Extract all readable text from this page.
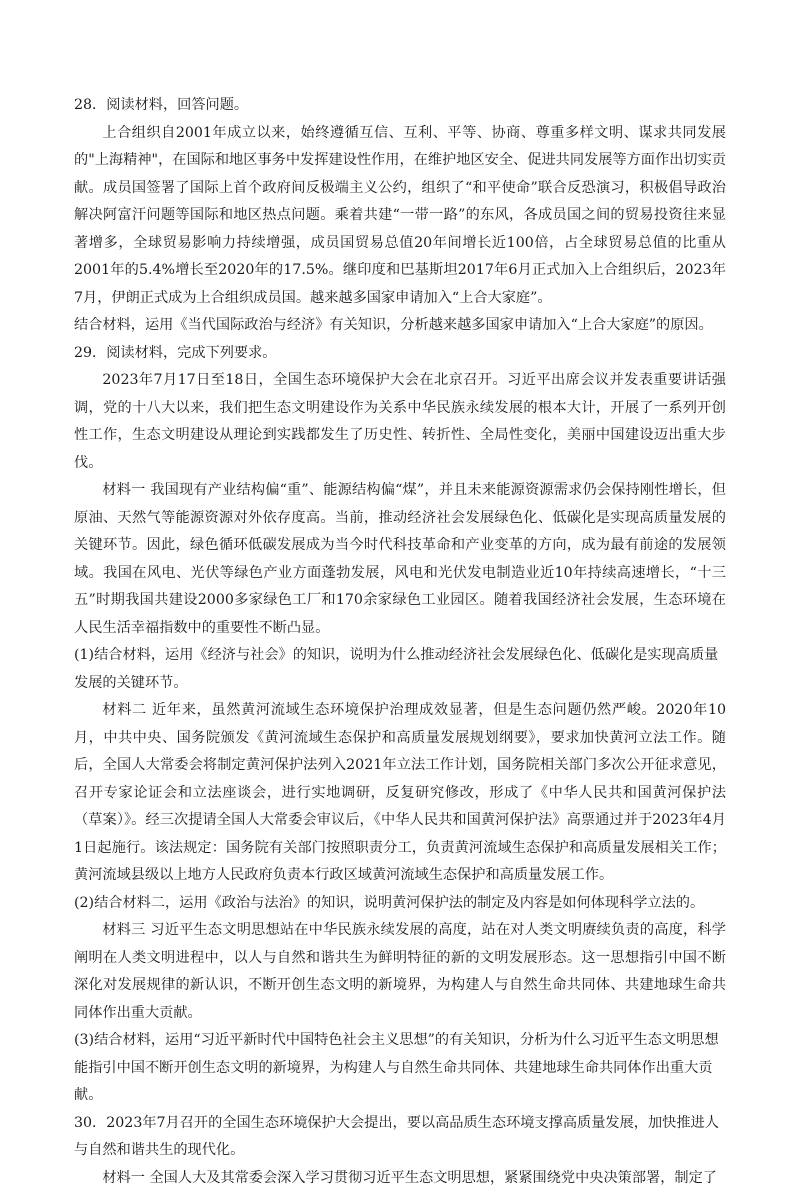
28．阅读材料，回答问题。

上合组织自2001年成立以来，始终遵循互信、互利、平等、协商、尊重多样文明、谋求共同发展的"上海精神"，在国际和地区事务中发挥建设性作用，在维护地区安全、促进共同发展等方面作出切实贡献。成员国签署了国际上首个政府间反极端主义公约，组织了“和平使命”联合反恐演习，积极倡导政治解决阿富汗问题等国际和地区热点问题。乘着共建“一带一路”的东风，各成员国之间的贸易投资往来显著增多，全球贸易影响力持续增强，成员国贸易总值20年间增长近100倍，占全球贸易总值的比重从2001年的5.4%增长至2020年的17.5%。继印度和巴基斯坦2017年6月正式加入上合组织后，2023年7月，伊朗正式成为上合组织成员国。越来越多国家申请加入“上合大家庭”。

结合材料，运用《当代国际政治与经济》有关知识，分析越来越多国家申请加入“上合大家庭”的原因。

29．阅读材料，完成下列要求。

2023年7月17日至18日，全国生态环境保护大会在北京召开。习近平出席会议并发表重要讲话强调，党的十八大以来，我们把生态文明建设作为关系中华民族永续发展的根本大计，开展了一系列开创性工作，生态文明建设从理论到实践都发生了历史性、转折性、全局性变化，美丽中国建设迈出重大步伐。

材料一 我国现有产业结构偏“重”、能源结构偏“煤”，并且未来能源资源需求仍会保持刚性增长，但原油、天然气等能源资源对外依存度高。当前，推动经济社会发展绿色化、低碳化是实现高质量发展的关键环节。因此，绿色循环低碳发展成为当今时代科技革命和产业变革的方向，成为最有前途的发展领域。我国在风电、光伏等绿色产业方面蓬勃发展，风电和光伏发电制造业近10年持续高速增长，“十三五”时期我国共建设2000多家绿色工厂和170余家绿色工业园区。随着我国经济社会发展，生态环境在人民生活幸福指数中的重要性不断凸显。

(1)结合材料，运用《经济与社会》的知识，说明为什么推动经济社会发展绿色化、低碳化是实现高质量发展的关键环节。

材料二 近年来，虽然黄河流域生态环境保护治理成效显著，但是生态问题仍然严峻。2020年10月，中共中央、国务院颁发《黄河流域生态保护和高质量发展规划纲要》，要求加快黄河立法工作。随后，全国人大常委会将制定黄河保护法列入2021年立法工作计划，国务院相关部门多次公开征求意见，召开专家论证会和立法座谈会，进行实地调研，反复研究修改，形成了《中华人民共和国黄河保护法（草案）》。经三次提请全国人大常委会审议后，《中华人民共和国黄河保护法》高票通过并于2023年4月1日起施行。该法规定：国务院有关部门按照职责分工，负责黄河流域生态保护和高质量发展相关工作；黄河流域县级以上地方人民政府负责本行政区域黄河流域生态保护和高质量发展工作。

(2)结合材料二，运用《政治与法治》的知识，说明黄河保护法的制定及内容是如何体现科学立法的。

材料三 习近平生态文明思想站在中华民族永续发展的高度，站在对人类文明赓续负责的高度，科学阐明在人类文明进程中，以人与自然和谐共生为鲜明特征的新的文明发展形态。这一思想指引中国不断深化对发展规律的新认识，不断开创生态文明的新境界，为构建人与自然生命共同体、共建地球生命共同体作出重大贡献。

(3)结合材料，运用“习近平新时代中国特色社会主义思想”的有关知识，分析为什么习近平生态文明思想能指引中国不断开创生态文明的新境界，为构建人与自然生命共同体、共建地球生命共同体作出重大贡献。

30．2023年7月召开的全国生态环境保护大会提出，要以高品质生态环境支撑高质量发展，加快推进人与自然和谐共生的现代化。

材料一 全国人大及其常委会深入学习贯彻习近平生态文明思想，紧紧围绕党中央决策部署，制定了
